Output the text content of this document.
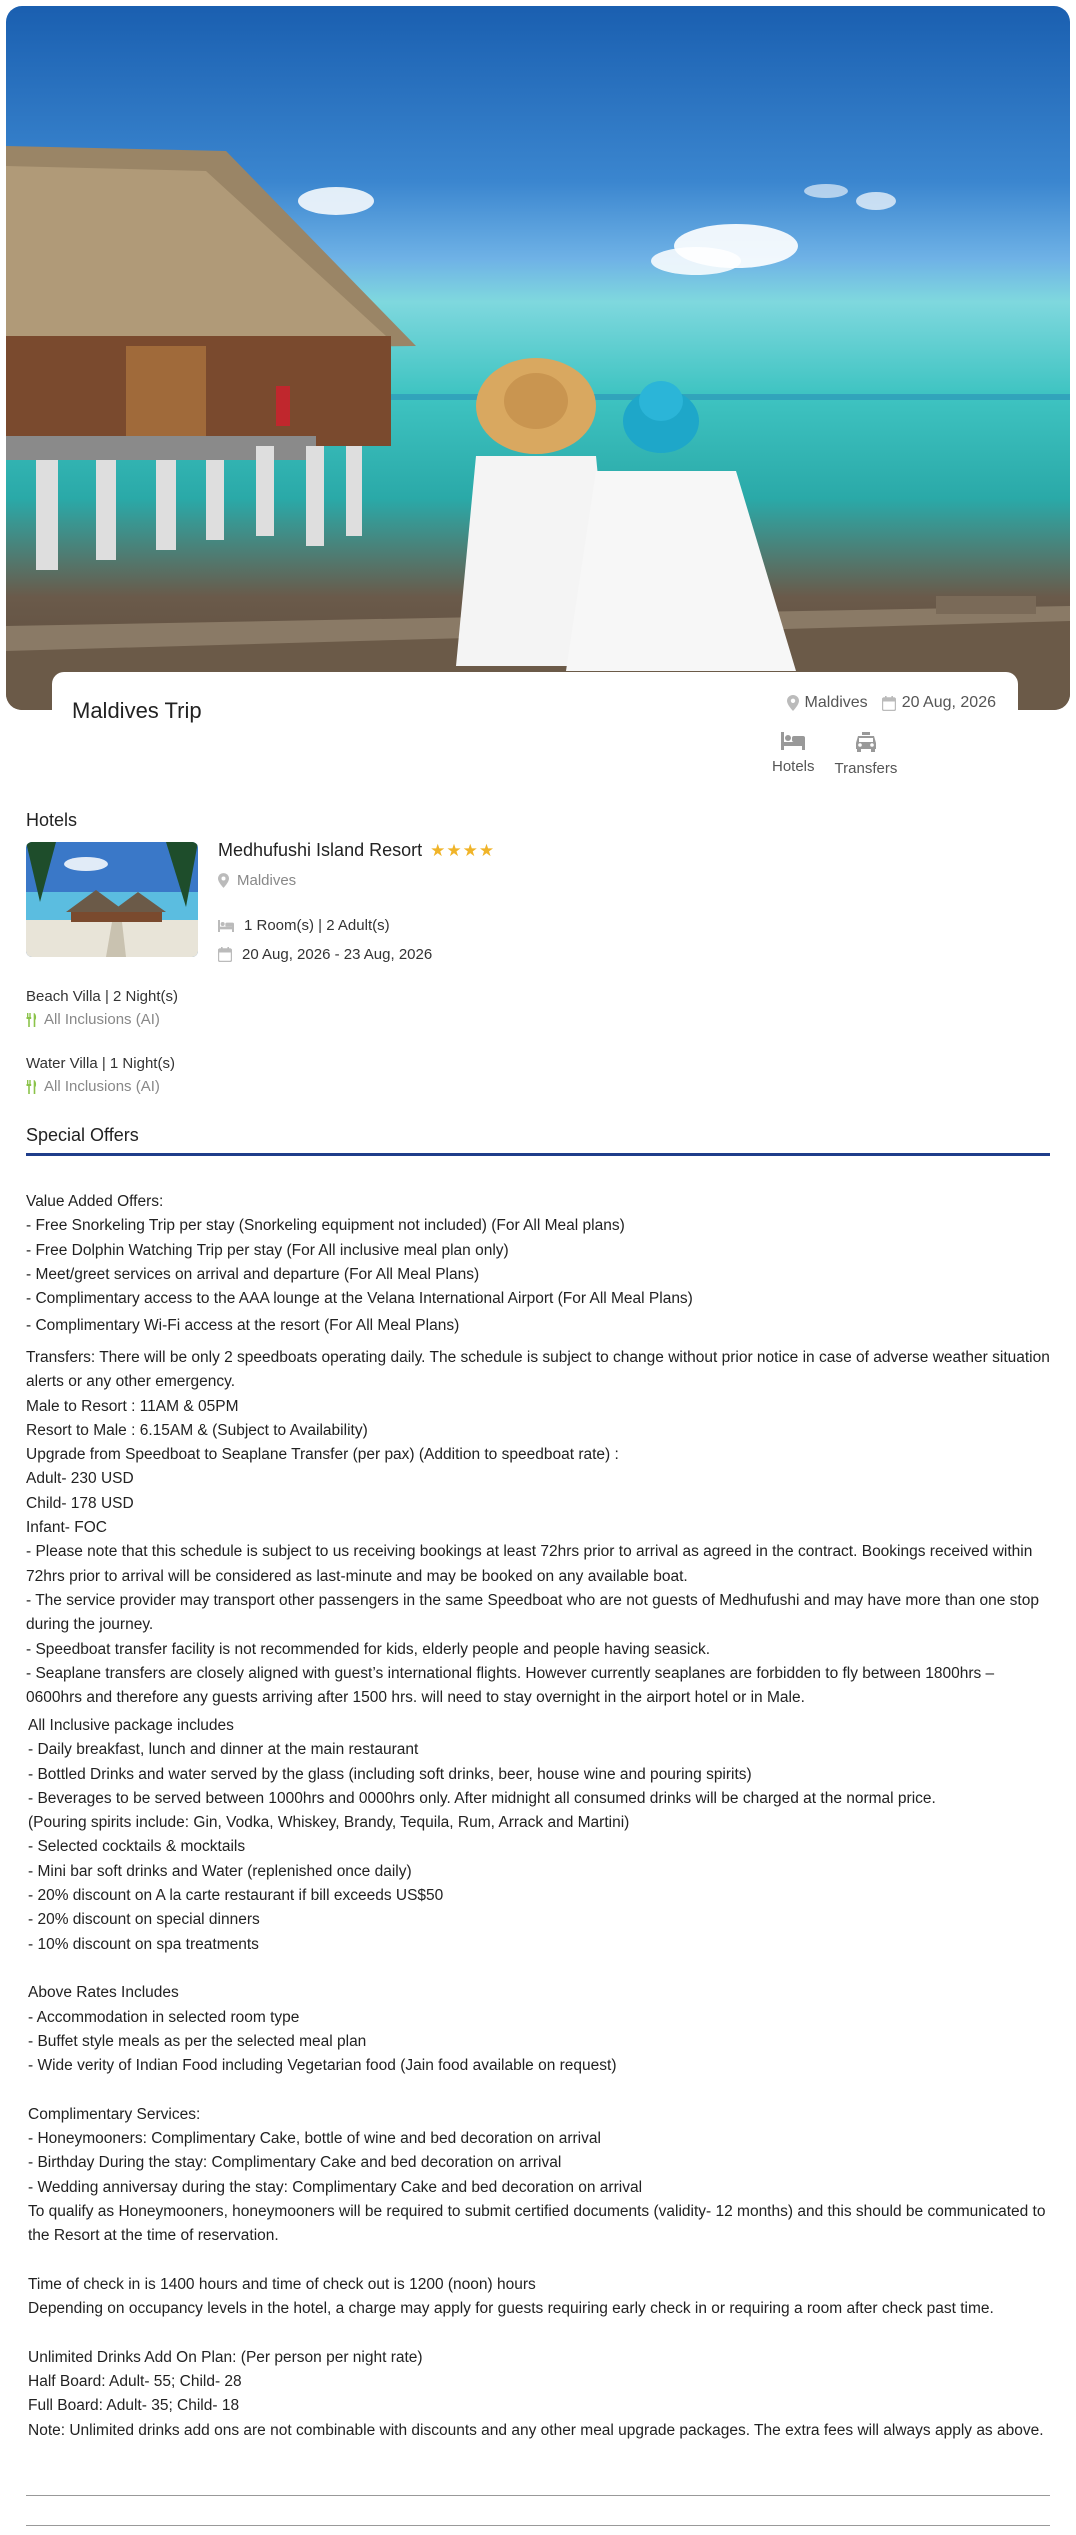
Maldives Trip	Maldives 20 Aug, 2026
Hotels Transfers
Hotels
Medhufushi Island Resort ★★★★
Maldives
1 Room(s) | 2 Adult(s)
20 Aug, 2026 - 23 Aug, 2026
Beach Villa | 2 Night(s)
All Inclusions (AI)
Water Villa | 1 Night(s)
All Inclusions (AI)
Special Offers
Value Added Offers:
- Free Snorkeling Trip per stay (Snorkeling equipment not included) (For All Meal plans)
- Free Dolphin Watching Trip per stay (For All inclusive meal plan only)
- Meet/greet services on arrival and departure (For All Meal Plans)
- Complimentary access to the AAA lounge at the Velana International Airport (For All Meal Plans)
- Complimentary Wi-Fi access at the resort (For All Meal Plans)
Transfers: There will be only 2 speedboats operating daily. The schedule is subject to change without prior notice in case of adverse weather situation alerts or any other emergency.
Male to Resort : 11AM & 05PM
Resort to Male : 6.15AM & (Subject to Availability)
Upgrade from Speedboat to Seaplane Transfer (per pax) (Addition to speedboat rate) :
Adult- 230 USD
Child- 178 USD
Infant- FOC
- Please note that this schedule is subject to us receiving bookings at least 72hrs prior to arrival as agreed in the contract. Bookings received within 72hrs prior to arrival will be considered as last-minute and may be booked on any available boat.
- The service provider may transport other passengers in the same Speedboat who are not guests of Medhufushi and may have more than one stop during the journey.
- Speedboat transfer facility is not recommended for kids, elderly people and people having seasick.
- Seaplane transfers are closely aligned with guest’s international flights. However currently seaplanes are forbidden to fly between 1800hrs – 0600hrs and therefore any guests arriving after 1500 hrs. will need to stay overnight in the airport hotel or in Male.
All Inclusive package includes
- Daily breakfast, lunch and dinner at the main restaurant
- Bottled Drinks and water served by the glass (including soft drinks, beer, house wine and pouring spirits)
- Beverages to be served between 1000hrs and 0000hrs only. After midnight all consumed drinks will be charged at the normal price.
(Pouring spirits include: Gin, Vodka, Whiskey, Brandy, Tequila, Rum, Arrack and Martini)
- Selected cocktails & mocktails
- Mini bar soft drinks and Water (replenished once daily)
- 20% discount on A la carte restaurant if bill exceeds US$50
- 20% discount on special dinners
- 10% discount on spa treatments

Above Rates Includes
- Accommodation in selected room type
- Buffet style meals as per the selected meal plan
- Wide verity of Indian Food including Vegetarian food (Jain food available on request)

Complimentary Services:
- Honeymooners: Complimentary Cake, bottle of wine and bed decoration on arrival
- Birthday During the stay: Complimentary Cake and bed decoration on arrival
- Wedding anniversay during the stay: Complimentary Cake and bed decoration on arrival
To qualify as Honeymooners, honeymooners will be required to submit certified documents (validity- 12 months) and this should be communicated to the Resort at the time of reservation.

Time of check in is 1400 hours and time of check out is 1200 (noon) hours
Depending on occupancy levels in the hotel, a charge may apply for guests requiring early check in or requiring a room after check past time.

Unlimited Drinks Add On Plan: (Per person per night rate)
Half Board: Adult- 55; Child- 28
Full Board: Adult- 35; Child- 18
Note: Unlimited drinks add ons are not combinable with discounts and any other meal upgrade packages. The extra fees will always apply as above.
